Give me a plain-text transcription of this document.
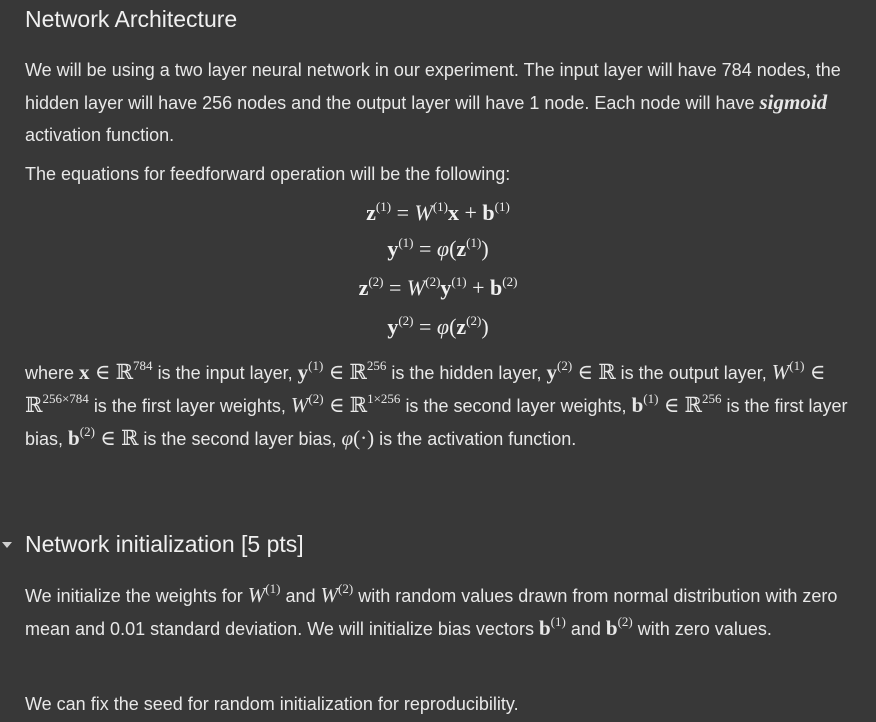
Network Architecture

We will be using a two layer neural network in our experiment. The input layer will have 784 nodes, the hidden layer will have 256 nodes and the output layer will have 1 node. Each node will have sigmoid activation function.

The equations for feedforward operation will be the following:

$z^{(1)} = W^{(1)}x + b^{(1)}$
$y^{(1)} = \varphi(z^{(1)})$
$z^{(2)} = W^{(2)}y^{(1)} + b^{(2)}$
$y^{(2)} = \varphi(z^{(2)})$

where x ∈ ℝ$^{784}$ is the input layer, $y^{(1)}$ ∈ ℝ$^{256}$ is the hidden layer, $y^{(2)}$ ∈ ℝ is the output layer, $W^{(1)}$ ∈ ℝ$^{256\times 784}$ is the first layer weights, $W^{(2)}$ ∈ ℝ$^{1\times 256}$ is the second layer weights, $b^{(1)}$ ∈ ℝ$^{256}$ is the first layer bias, $b^{(2)}$ ∈ ℝ is the second layer bias, φ(·) is the activation function.

Network initialization [5 pts]

We initialize the weights for $W^{(1)}$ and $W^{(2)}$ with random values drawn from normal distribution with zero mean and 0.01 standard deviation. We will initialize bias vectors $b^{(1)}$ and $b^{(2)}$ with zero values.

We can fix the seed for random initialization for reproducibility.
